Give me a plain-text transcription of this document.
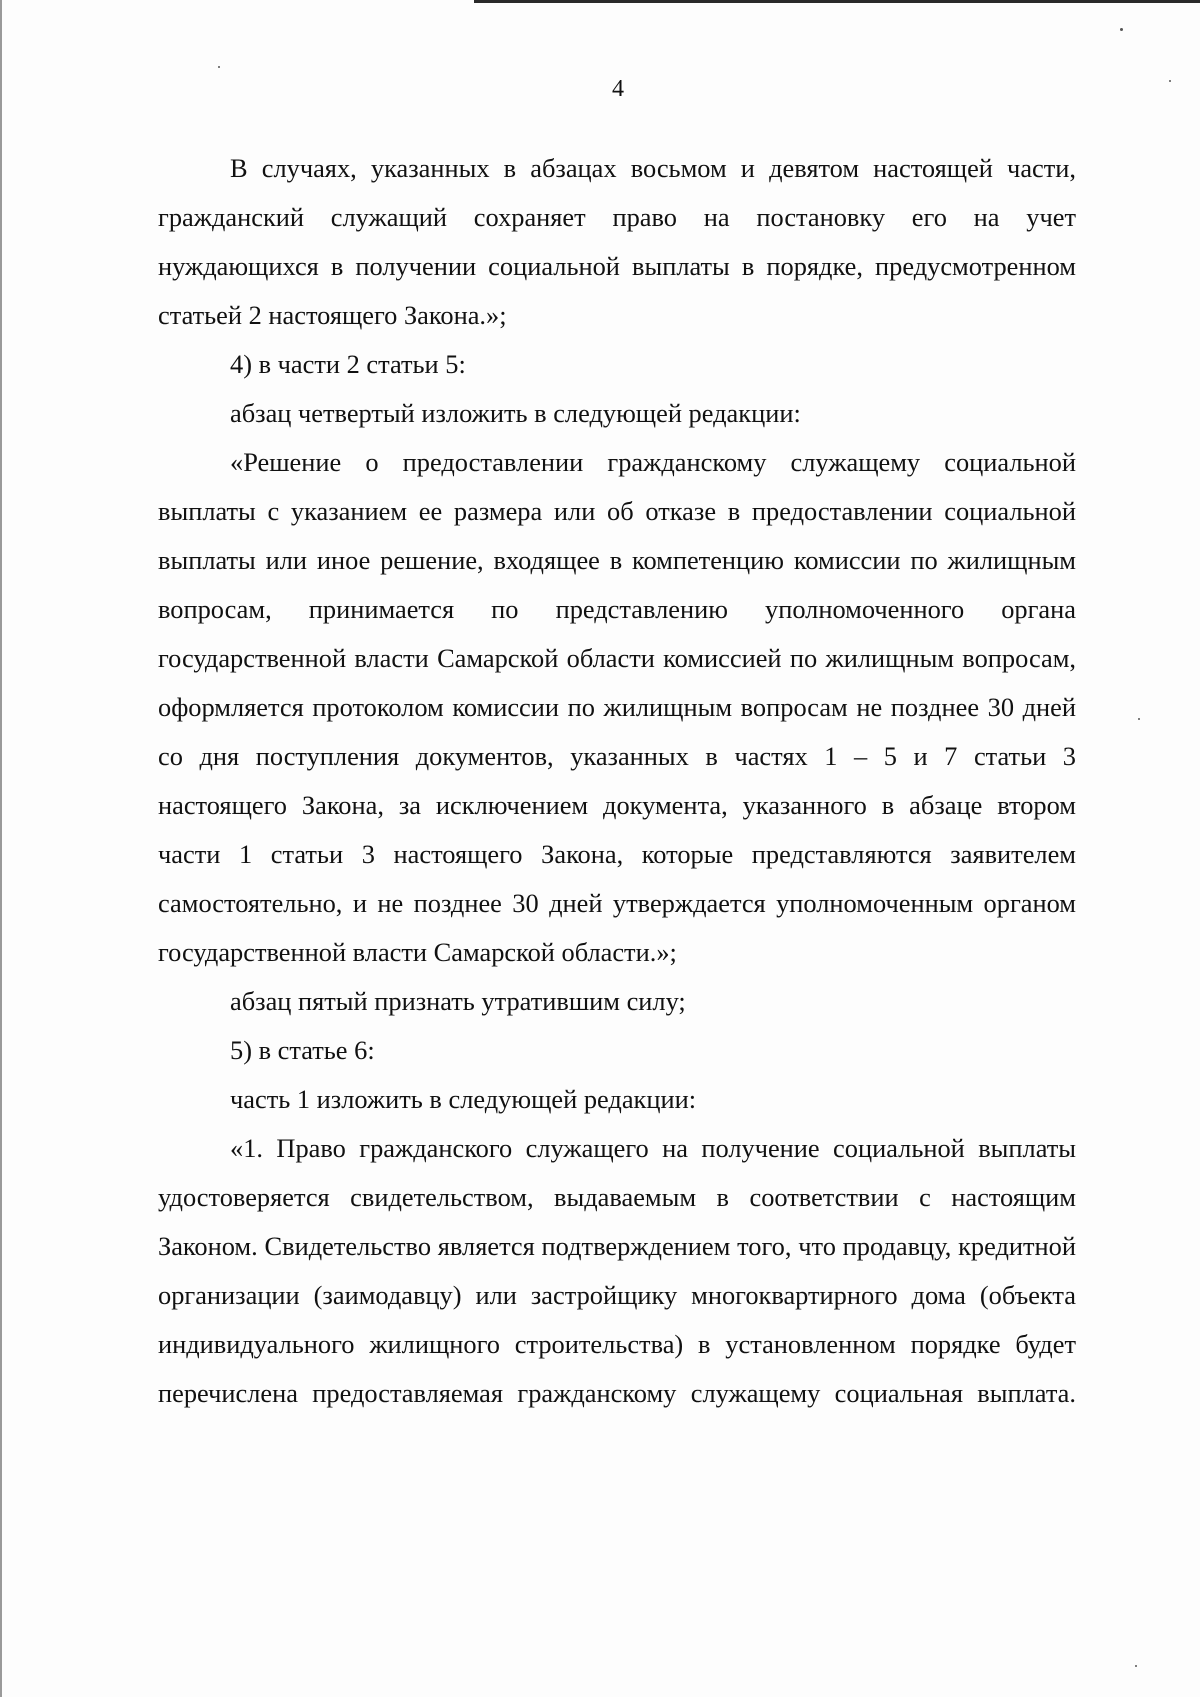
4

В случаях, указанных в абзацах восьмом и девятом настоящей части, гражданский служащий сохраняет право на постановку его на учет нуждающихся в получении социальной выплаты в порядке, предусмотренном статьей 2 настоящего Закона.»;

4) в части 2 статьи 5:

абзац четвертый изложить в следующей редакции:

«Решение о предоставлении гражданскому служащему социальной выплаты с указанием ее размера или об отказе в предоставлении социальной выплаты или иное решение, входящее в компетенцию комиссии по жилищным вопросам, принимается по представлению уполномоченного органа государственной власти Самарской области комиссией по жилищным вопросам, оформляется протоколом комиссии по жилищным вопросам не позднее 30 дней со дня поступления документов, указанных в частях 1 – 5 и 7 статьи 3 настоящего Закона, за исключением документа, указанного в абзаце втором части 1 статьи 3 настоящего Закона, которые представляются заявителем самостоятельно, и не позднее 30 дней утверждается уполномоченным органом государственной власти Самарской области.»;

абзац пятый признать утратившим силу;

5) в статье 6:

часть 1 изложить в следующей редакции:

«1. Право гражданского служащего на получение социальной выплаты удостоверяется свидетельством, выдаваемым в соответствии с настоящим Законом. Свидетельство является подтверждением того, что продавцу, кредитной организации (заимодавцу) или застройщику многоквартирного дома (объекта индивидуального жилищного строительства) в установленном порядке будет перечислена предоставляемая гражданскому служащему социальная выплата.
